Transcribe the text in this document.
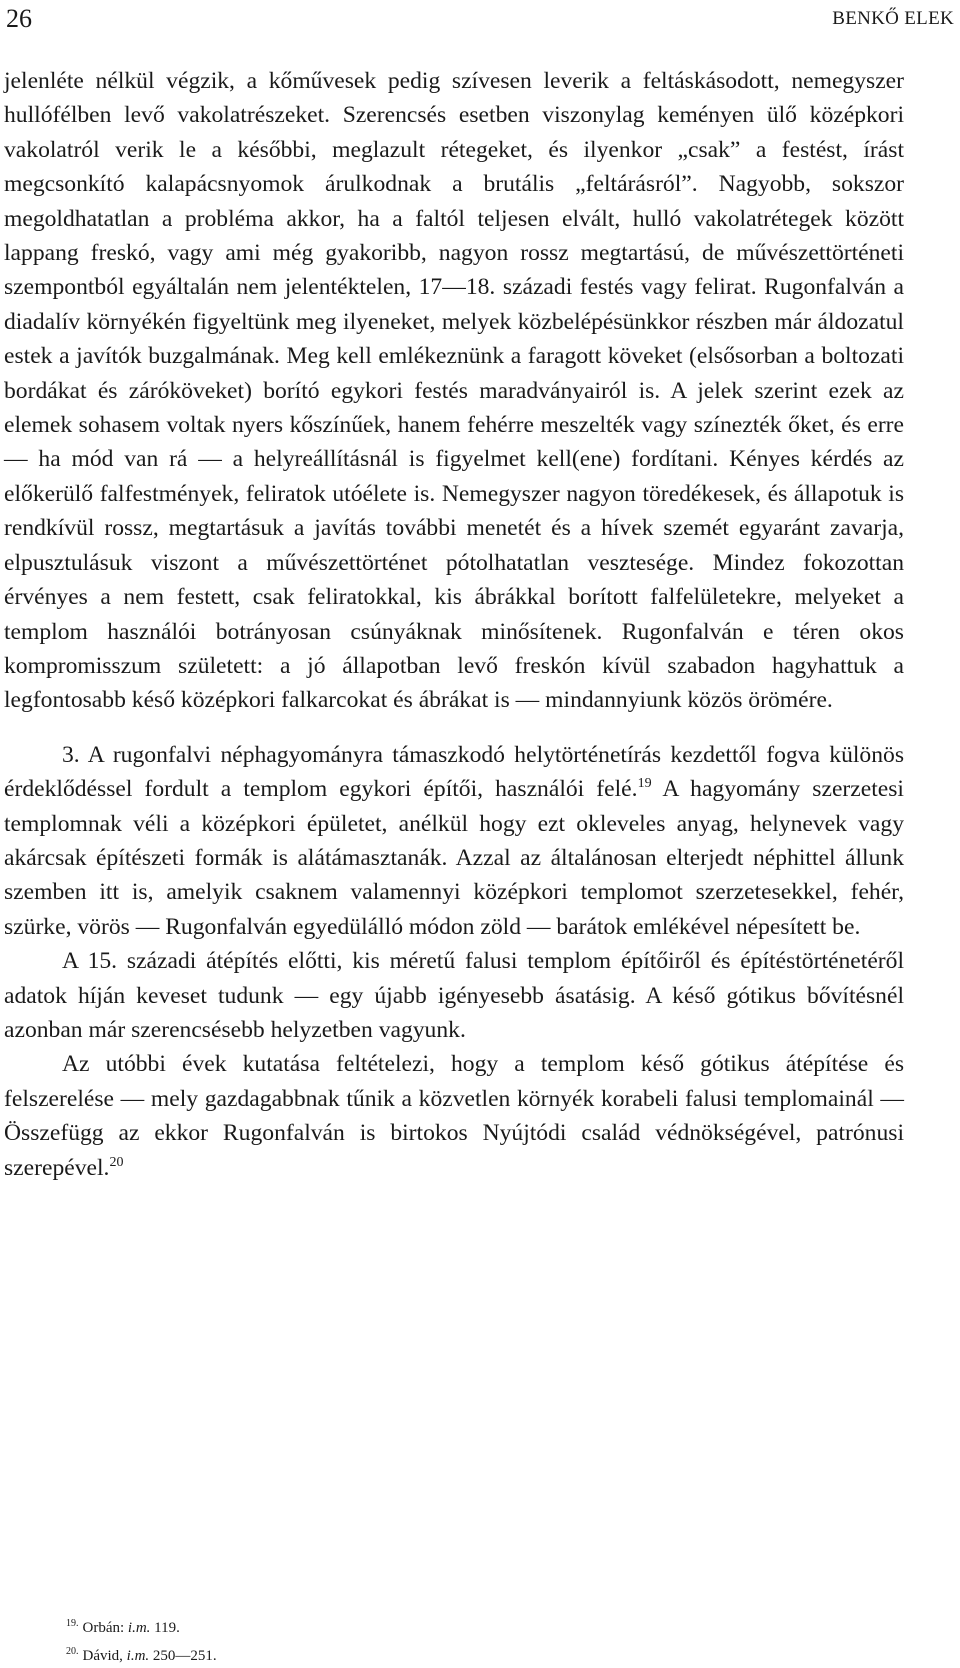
26	BENKŐ ELEK

jelenléte nélkül végzik, a kőművesek pedig szívesen leverik a feltáskásodott, nemegyszer hullófélben levő vakolatrészeket. Szerencsés esetben viszonylag keményen ülő középkori vakolatról verik le a későbbi, meglazult rétegeket, és ilyenkor „csak” a festést, írást megcsonkító kalapácsnyomok árulkodnak a brutális „feltárásról”. Nagyobb, sokszor megoldhatatlan a probléma akkor, ha a faltól teljesen elvált, hulló vakolatrétegek között lappang freskó, vagy ami még gyakoribb, nagyon rossz megtartású, de művészettörténeti szempontból egyáltalán nem jelentéktelen, 17—18. századi festés vagy felirat. Rugonfalván a diadalív környékén figyeltünk meg ilyeneket, melyek közbelépésünkkor részben már áldozatul estek a javítók buzgalmának. Meg kell emlékeznünk a faragott köveket (elsősorban a boltozati bordákat és záróköveket) borító egykori festés maradványairól is. A jelek szerint ezek az elemek sohasem voltak nyers kőszínűek, hanem fehérre meszelték vagy színezték őket, és erre — ha mód van rá — a helyreállításnál is figyelmet kell(ene) fordítani. Kényes kérdés az előkerülő falfestmények, feliratok utóélete is. Nemegyszer nagyon töredékesek, és állapotuk is rendkívül rossz, megtartásuk a javítás további menetét és a hívek szemét egyaránt zavarja, elpusztulásuk viszont a művészettörténet pótolhatatlan vesztesége. Mindez fokozottan érvényes a nem festett, csak feliratokkal, kis ábrákkal borított falfelületekre, melyeket a templom használói botrányosan csúnyáknak minősítenek. Rugonfalván e téren okos kompromisszum született: a jó állapotban levő freskón kívül szabadon hagyhattuk a legfontosabb késő középkori falkarcokat és ábrákat is — mindannyiunk közös örömére.

3. A rugonfalvi néphagyományra támaszkodó helytörténetírás kezdettől fogva különös érdeklődéssel fordult a templom egykori építői, használói felé.$^{19}$ A hagyomány szerzetesi templomnak véli a középkori épületet, anélkül hogy ezt okleveles anyag, helynevek vagy akárcsak építészeti formák is alátámasztanák. Azzal az általánosan elterjedt néphittel állunk szemben itt is, amelyik csaknem valamennyi középkori templomot szerzetesekkel, fehér, szürke, vörös — Rugonfalván egyedülálló módon zöld — barátok emlékével népesített be.

A 15. századi átépítés előtti, kis méretű falusi templom építőiről és építéstörténetéről adatok híján keveset tudunk — egy újabb igényesebb ásatásig. A késő gótikus bővítésnél azonban már szerencsésebb helyzetben vagyunk.

Az utóbbi évek kutatása feltételezi, hogy a templom késő gótikus átépítése és felszerelése — mely gazdagabbnak tűnik a közvetlen környék korabeli falusi templomainál — Összefügg az ekkor Rugonfalván is birtokos Nyújtódi család védnökségével, patrónusi szerepével.$^{20}$

$^{19.}$ Orbán: i.m. 119.
$^{20.}$ Dávid, i.m. 250—251.
